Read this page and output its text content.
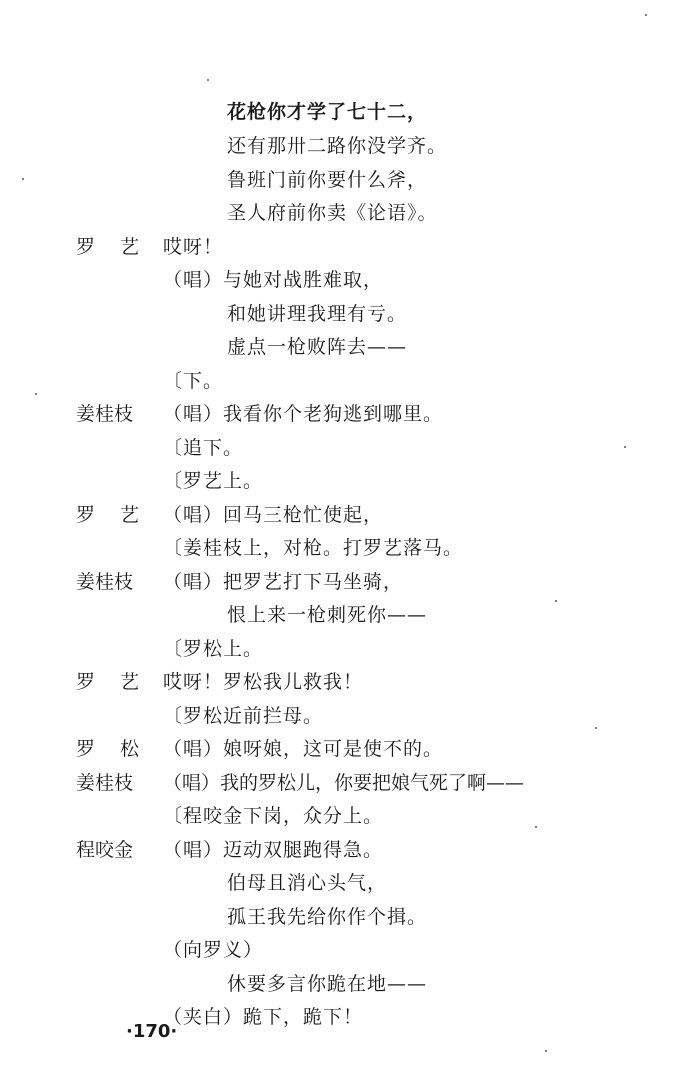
花枪你才学了七十二，
还有那卅二路你没学齐。
鲁班门前你要什么斧，
圣人府前你卖《论语》。
罗艺
哎呀！
（唱）与她对战胜难取，
和她讲理我理有亏。
虚点一枪败阵去——
〔下。
姜桂枝 （唱）我看你个老狗逃到哪里。
〔追下。
〔罗艺上。
罗艺
（唱）回马三枪忙使起，
〔姜桂枝上，对枪。打罗艺落马。
姜桂枝 （唱）把罗艺打下马坐骑，
恨上来一枪刺死你——
〔罗松上。
罗艺
哎呀！罗松我儿救我！
〔罗松近前拦母。
罗松
（唱）娘呀娘，这可是使不的。
姜桂枝 （唱）我的罗松儿，你要把娘气死了啊——
〔程咬金下岗，众分上。
程咬金 （唱）迈动双腿跑得急。
伯母且消心头气，
孤王我先给你作个揖。
（向罗义）
休要多言你跪在地——
（夹白）跪下，跪下！
·170·
